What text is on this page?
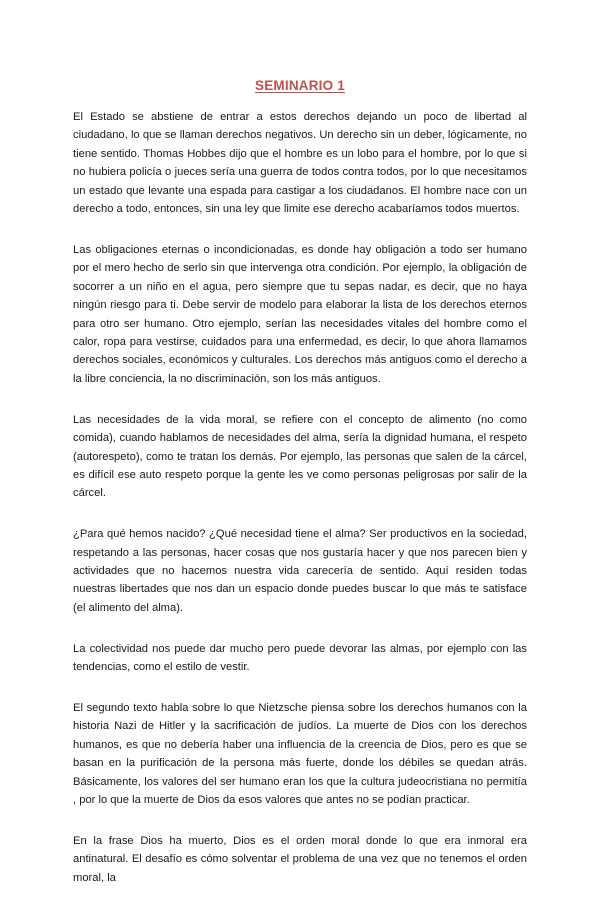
SEMINARIO 1

El Estado se abstiene de entrar a estos derechos dejando un poco de libertad al ciudadano, lo que se llaman derechos negativos. Un derecho sin un deber, lógicamente, no tiene sentido. Thomas Hobbes dijo que el hombre es un lobo para el hombre, por lo que si no hubiera policía o jueces sería una guerra de todos contra todos, por lo que necesitamos un estado que levante una espada para castigar a los ciudadanos. El hombre nace con un derecho a todo, entonces, sin una ley que limite ese derecho acabaríamos todos muertos.

Las obligaciones eternas o incondicionadas, es donde hay obligación a todo ser humano por el mero hecho de serlo sin que intervenga otra condición. Por ejemplo, la obligación de socorrer a un niño en el agua, pero siempre que tu sepas nadar, es decir, que no haya ningún riesgo para ti. Debe servir de modelo para elaborar la lista de los derechos eternos para otro ser humano. Otro ejemplo, serían las necesidades vitales del hombre como el calor, ropa para vestirse, cuidados para una enfermedad, es decir, lo que ahora llamamos derechos sociales, económicos y culturales. Los derechos más antiguos como el derecho a la libre conciencia, la no discriminación, son los más antiguos.

Las necesidades de la vida moral, se refiere con el concepto de alimento (no como comida), cuando hablamos de necesidades del alma, sería la dignidad humana, el respeto (autorespeto), como te tratan los demás. Por ejemplo, las personas que salen de la cárcel, es difícil ese auto respeto porque la gente les ve como personas peligrosas por salir de la cárcel.

¿Para qué hemos nacido? ¿Qué necesidad tiene el alma? Ser productivos en la sociedad, respetando a las personas, hacer cosas que nos gustaría hacer y que nos parecen bien y actividades que no hacemos nuestra vida carecería de sentido. Aquí residen todas nuestras libertades que nos dan un espacio donde puedes buscar lo que más te satisface (el alimento del alma).

La colectividad nos puede dar mucho pero puede devorar las almas, por ejemplo con las tendencias, como el estilo de vestir.

El segundo texto habla sobre lo que Nietzsche piensa sobre los derechos humanos con la historia Nazi de Hitler y la sacrificación de judíos. La muerte de Dios con los derechos humanos, es que no debería haber una influencia de la creencia de Dios, pero es que se basan en la purificación de la persona más fuerte, donde los débiles se quedan atrás. Básicamente, los valores del ser humano eran los que la cultura judeocristiana no permitía , por lo que la muerte de Dios da esos valores que antes no se podían practicar.

En la frase Dios ha muerto, Dios es el orden moral donde lo que era inmoral era antinatural. El desafío es cómo solventar el problema de una vez que no tenemos el orden moral, la
